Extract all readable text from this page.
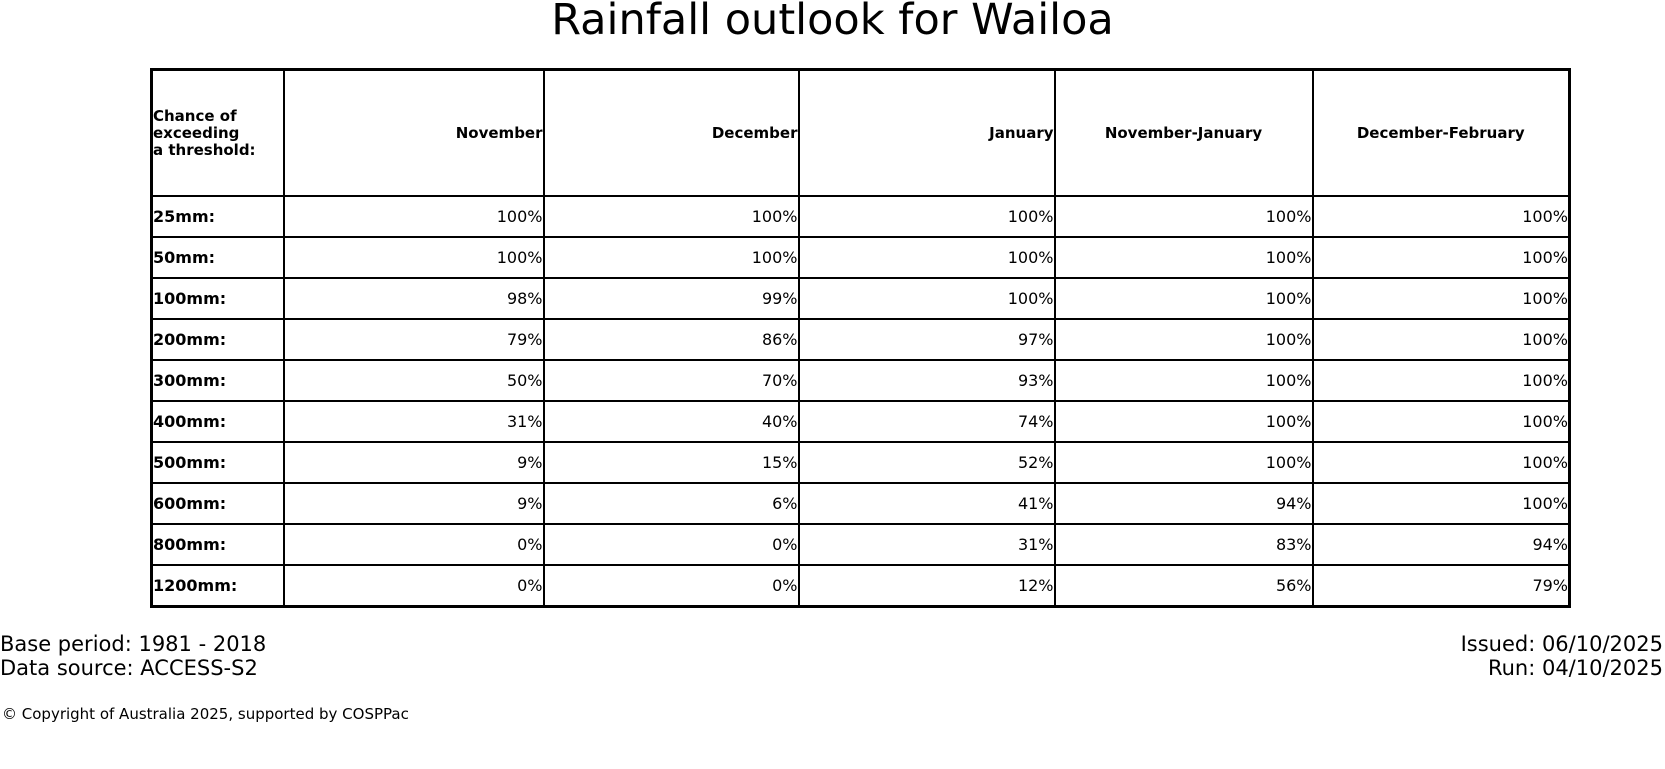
Rainfall outlook for Wailoa
Chance of
exceeding
a threshold:	November	December	January	November-January	December-February
25mm:	100%	100%	100%	100%	100%
50mm:	100%	100%	100%	100%	100%
100mm:	98%	99%	100%	100%	100%
200mm:	79%	86%	97%	100%	100%
300mm:	50%	70%	93%	100%	100%
400mm:	31%	40%	74%	100%	100%
500mm:	9%	15%	52%	100%	100%
600mm:	9%	6%	41%	94%	100%
800mm:	0%	0%	31%	83%	94%
1200mm:	0%	0%	12%	56%	79%
Base period: 1981 - 2018
Data source: ACCESS-S2
Issued: 06/10/2025
Run: 04/10/2025
© Copyright of Australia 2025, supported by COSPPac
